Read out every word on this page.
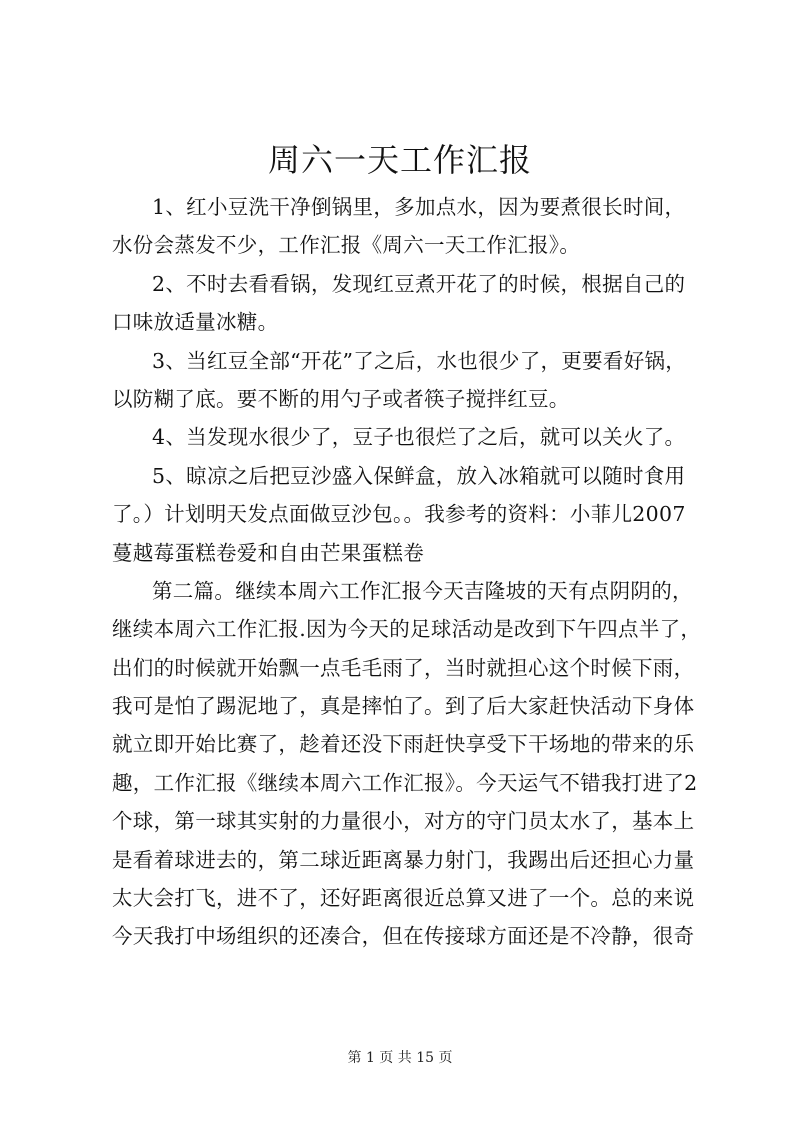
周六一天工作汇报
1、红小豆洗干净倒锅里，多加点水，因为要煮很长时间，
水份会蒸发不少，工作汇报《周六一天工作汇报》。
2、不时去看看锅，发现红豆煮开花了的时候，根据自己的
口味放适量冰糖。
3、当红豆全部“开花”了之后，水也很少了，更要看好锅，
以防糊了底。要不断的用勺子或者筷子搅拌红豆。
4、当发现水很少了，豆子也很烂了之后，就可以关火了。
5、晾凉之后把豆沙盛入保鲜盒，放入冰箱就可以随时食用
了。）计划明天发点面做豆沙包。。我参考的资料：小菲儿2007
蔓越莓蛋糕卷爱和自由芒果蛋糕卷
第二篇。继续本周六工作汇报今天吉隆坡的天有点阴阴的，
继续本周六工作汇报.因为今天的足球活动是改到下午四点半了，
出们的时候就开始飘一点毛毛雨了，当时就担心这个时候下雨，
我可是怕了踢泥地了，真是摔怕了。到了后大家赶快活动下身体
就立即开始比赛了，趁着还没下雨赶快享受下干场地的带来的乐
趣，工作汇报《继续本周六工作汇报》。今天运气不错我打进了2
个球，第一球其实射的力量很小，对方的守门员太水了，基本上
是看着球进去的，第二球近距离暴力射门，我踢出后还担心力量
太大会打飞，进不了，还好距离很近总算又进了一个。总的来说
今天我打中场组织的还凑合，但在传接球方面还是不冷静，很奇
第 1 页 共 15 页
